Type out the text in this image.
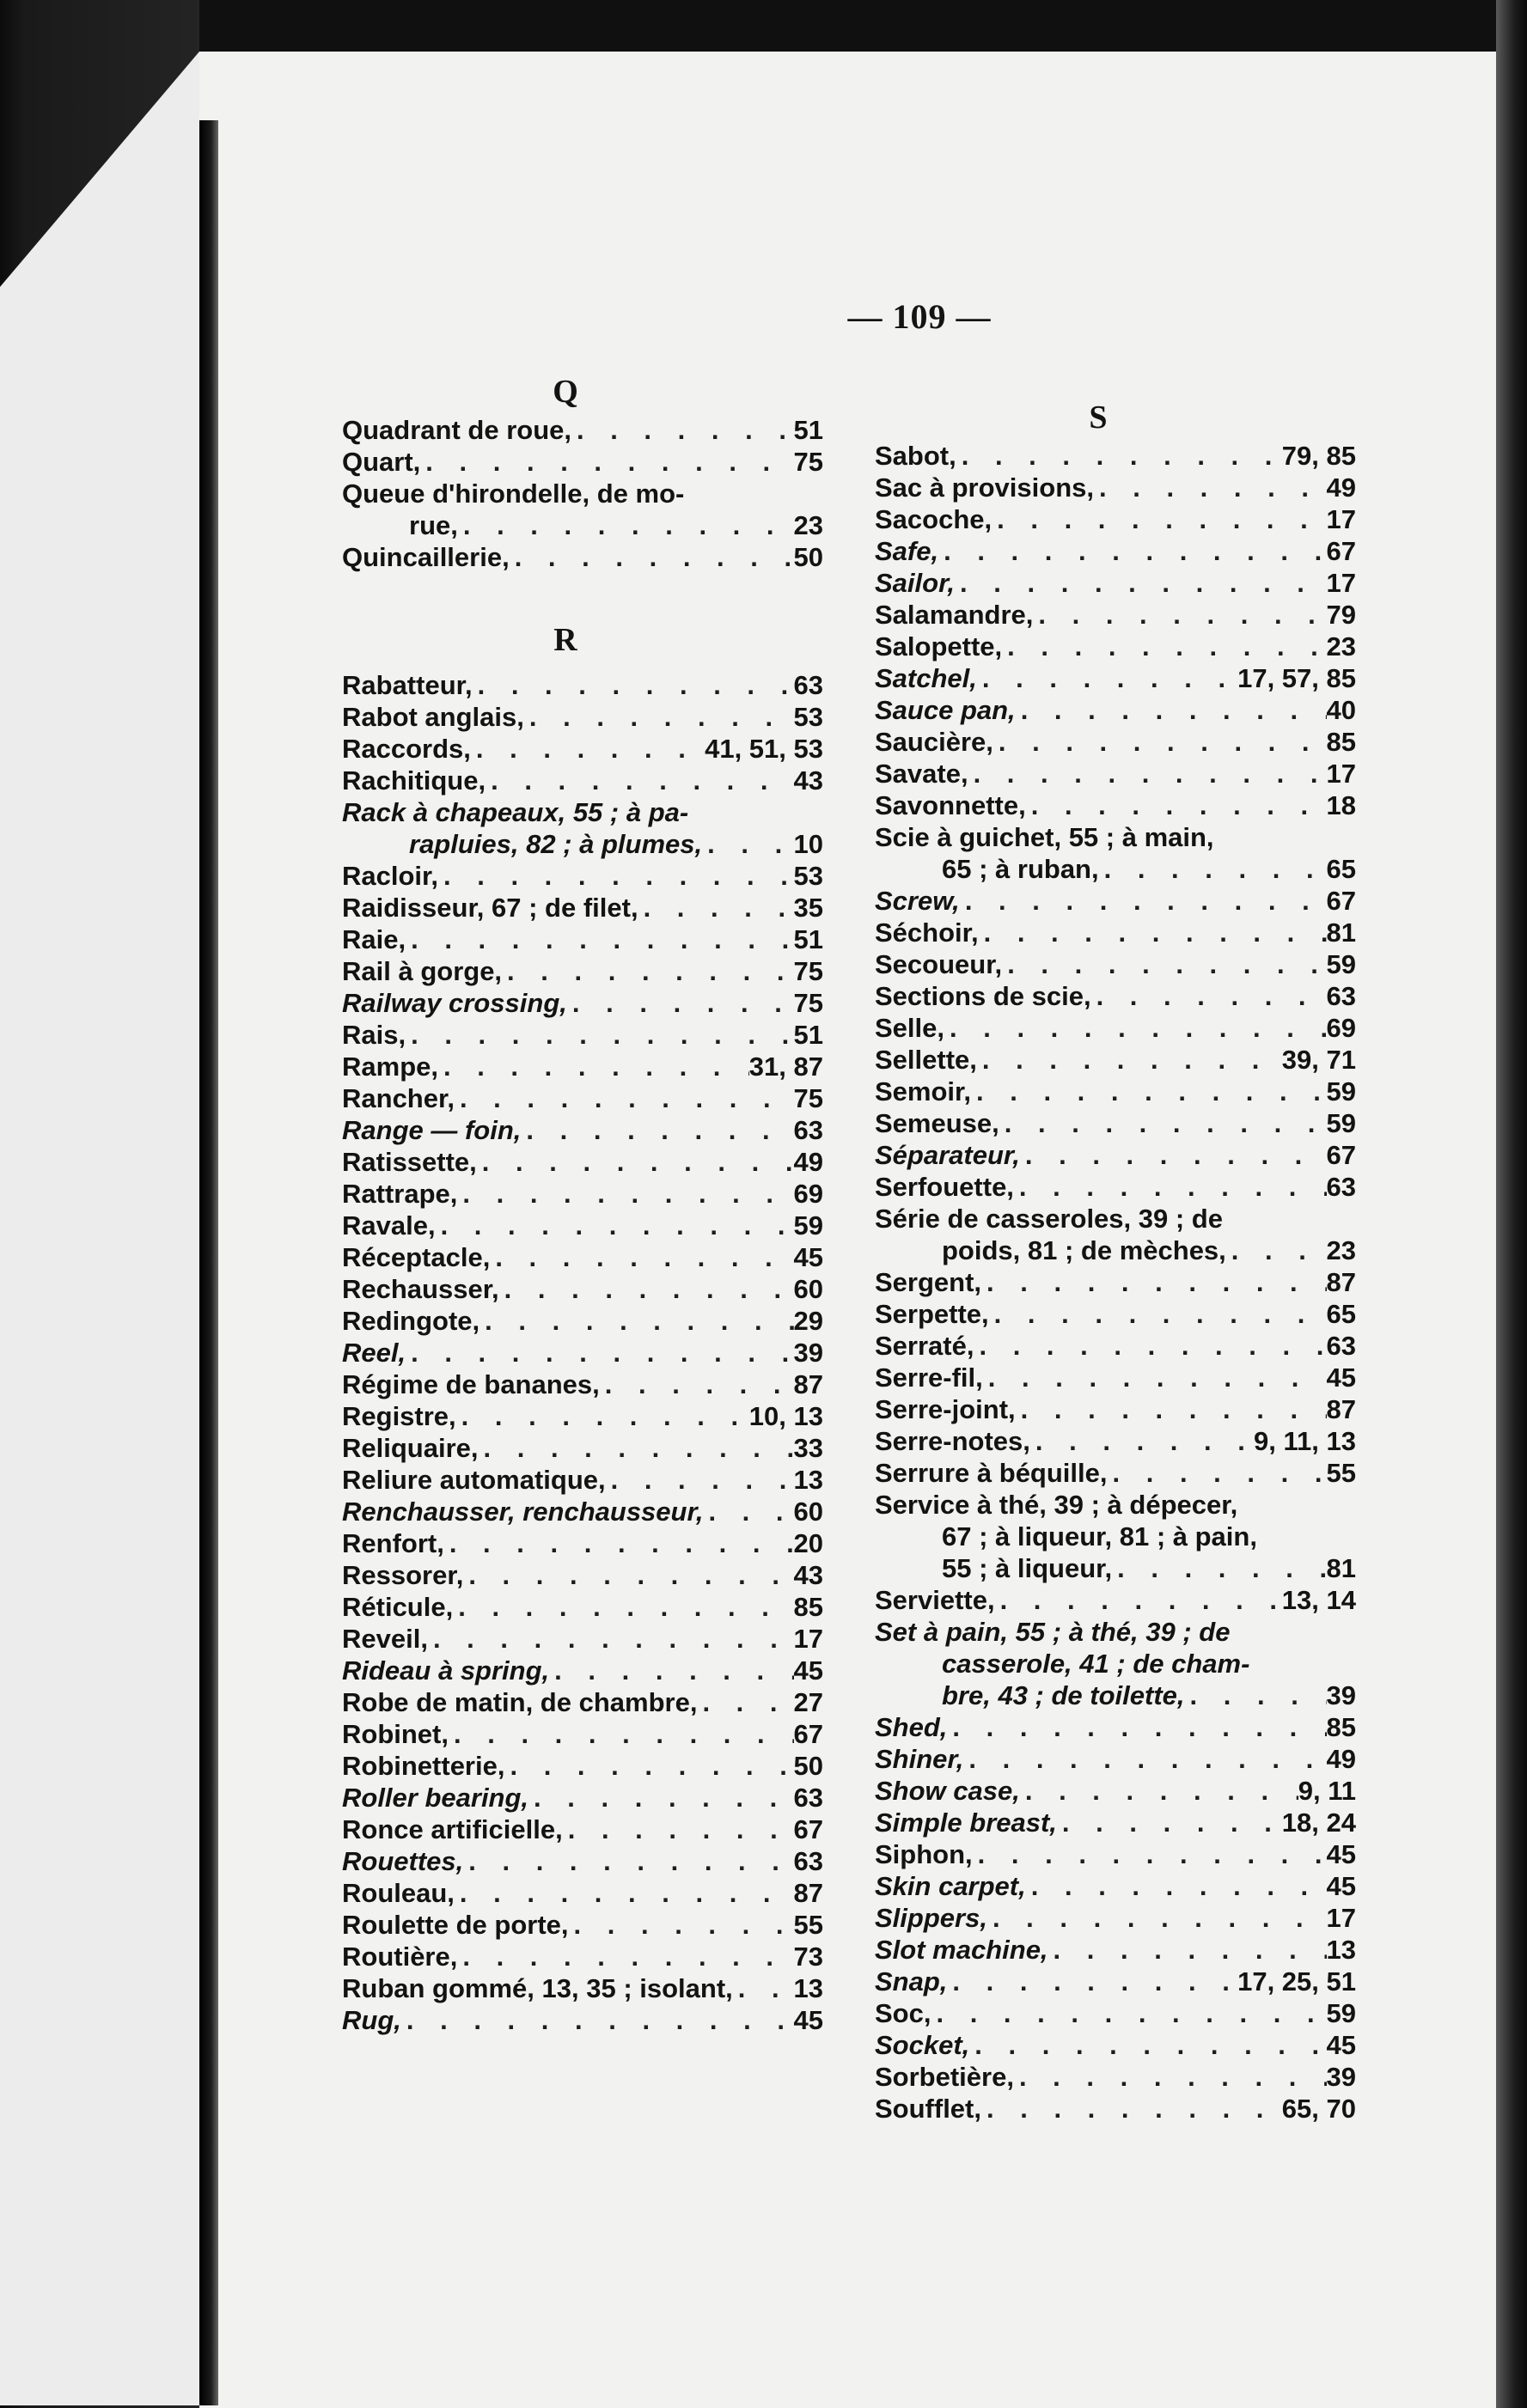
— 109 —
Q
Quadrant de roue, . . .	51
Quart, . . .	75
Queue d'hirondelle, de mo-
rue, . . .	23
Quincaillerie, . . .	50
R
Rabatteur, . . .	63
Rabot anglais, . . .	53
Raccords, . . .	41, 51, 53
Rachitique, . . .	43
Rack à chapeaux, 55 ; à pa-
rapluies, 82 ; à plumes, . . .	10
Racloir, . . .	53
Raidisseur, 67 ; de filet, . . .	35
Raie, . . .	51
Rail à gorge, . . .	75
Railway crossing, . . .	75
Rais, . . .	51
Rampe, . . .	31, 87
Rancher, . . .	75
Range — foin, . . .	63
Ratissette, . . .	49
Rattrape, . . .	69
Ravale, . . .	59
Réceptacle, . . .	45
Rechausser, . . .	60
Redingote, . . .	29
Reel, . . .	39
Régime de bananes, . . .	87
Registre, . . .	10, 13
Reliquaire, . . .	33
Reliure automatique, . . .	13
Renchausser, renchausseur, . . .	60
Renfort, . . .	20
Ressorer, . . .	43
Réticule, . . .	85
Reveil, . . .	17
Rideau à spring, . . .	45
Robe de matin, de chambre, . . .	27
Robinet, . . .	67
Robinetterie, . . .	50
Roller bearing, . . .	63
Ronce artificielle, . . .	67
Rouettes, . . .	63
Rouleau, . . .	87
Roulette de porte, . . .	55
Routière, . . .	73
Ruban gommé, 13, 35 ; isolant, . . . 13
Rug, . . .	45
S
Sabot, . . .	79, 85
Sac à provisions, . . .	49
Sacoche, . . .	17
Safe, . . .	67
Sailor, . . .	17
Salamandre, . . .	79
Salopette, . . .	23
Satchel, . . .	17, 57, 85
Sauce pan, . . .	40
Saucière, . . .	85
Savate, . . .	17
Savonnette, . . .	18
Scie à guichet, 55 ; à main,
65 ; à ruban, . . .	65
Screw, . . .	67
Séchoir, . . .	81
Secoueur, . . .	59
Sections de scie, . . .	63
Selle, . . .	69
Sellette, . . .	39, 71
Semoir, . . .	59
Semeuse, . . .	59
Séparateur, . . .	67
Serfouette, . . .	63
Série de casseroles, 39 ; de
poids, 81 ; de mèches, . . .	23
Sergent, . . .	87
Serpette, . . .	65
Serraté, . . .	63
Serre-fil, . . .	45
Serre-joint, . . .	87
Serre-notes, . . .	9, 11, 13
Serrure à béquille, . . .	55
Service à thé, 39 ; à dépecer,
67 ; à liqueur, 81 ; à pain,
55 ; à liqueur, . . .	81
Serviette, . . .	13, 14
Set à pain, 55 ; à thé, 39 ; de
casserole, 41 ; de cham-
bre, 43 ; de toilette, . . .	39
Shed, . . .	85
Shiner, . . .	49
Show case, . . .	9, 11
Simple breast, . . .	18, 24
Siphon, . . .	45
Skin carpet, . . .	45
Slippers, . . .	17
Slot machine, . . .	13
Snap, . . .	17, 25, 51
Soc, . . .	59
Socket, . . .	45
Sorbetière, . . .	39
Soufflet, . . .	65, 70
